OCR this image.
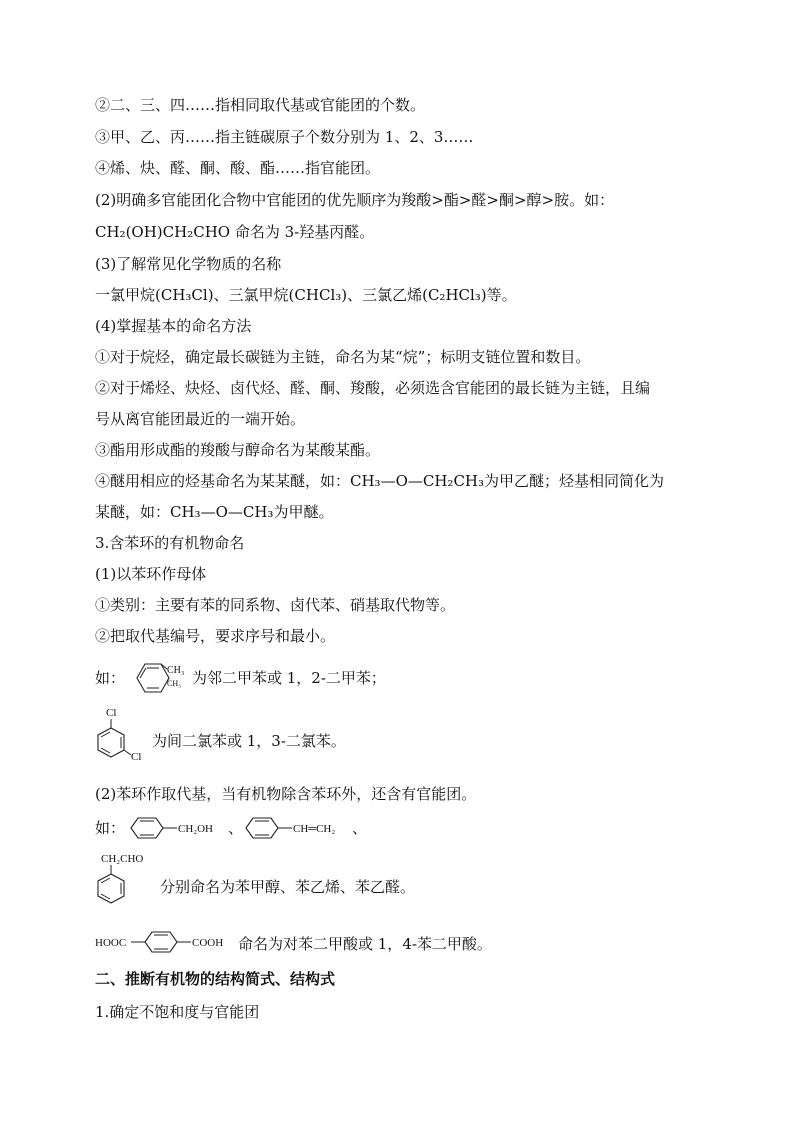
②二、三、四……指相同取代基或官能团的个数。
③甲、乙、丙……指主链碳原子个数分别为 1、2、3……
④烯、炔、醛、酮、酸、酯……指官能团。
(2)明确多官能团化合物中官能团的优先顺序为羧酸>酯>醛>酮>醇>胺。如：
CH₂(OH)CH₂CHO 命名为 3-羟基丙醛。
(3)了解常见化学物质的名称
一氯甲烷(CH₃Cl)、三氯甲烷(CHCl₃)、三氯乙烯(C₂HCl₃)等。
(4)掌握基本的命名方法
①对于烷烃，确定最长碳链为主链，命名为某“烷”；标明支链位置和数目。
②对于烯烃、炔烃、卤代烃、醛、酮、羧酸，必须选含官能团的最长链为主链，且编
号从离官能团最近的一端开始。
③酯用形成酯的羧酸与醇命名为某酸某酯。
④醚用相应的烃基命名为某某醚，如：CH₃—O—CH₂CH₃为甲乙醚；烃基相同简化为
某醚，如：CH₃—O—CH₃为甲醚。
3.含苯环的有机物命名
(1)以苯环作母体
①类别：主要有苯的同系物、卤代苯、硝基取代物等。
②把取代基编号，要求序号和最小。
如：	CH₃
CH₃ 为邻二甲苯或 1，2-二甲苯；
Cl
Cl
为间二氯苯或 1，3-二氯苯。
(2)苯环作取代基，当有机物除含苯环外，还含有官能团。
如：	CH₂OH 、	CH═CH₂ 、
CH₂CHO
分别命名为苯甲醇、苯乙烯、苯乙醛。
HOOC	COOH 命名为对苯二甲酸或 1，4-苯二甲酸。
二、推断有机物的结构简式、结构式
1.确定不饱和度与官能团
